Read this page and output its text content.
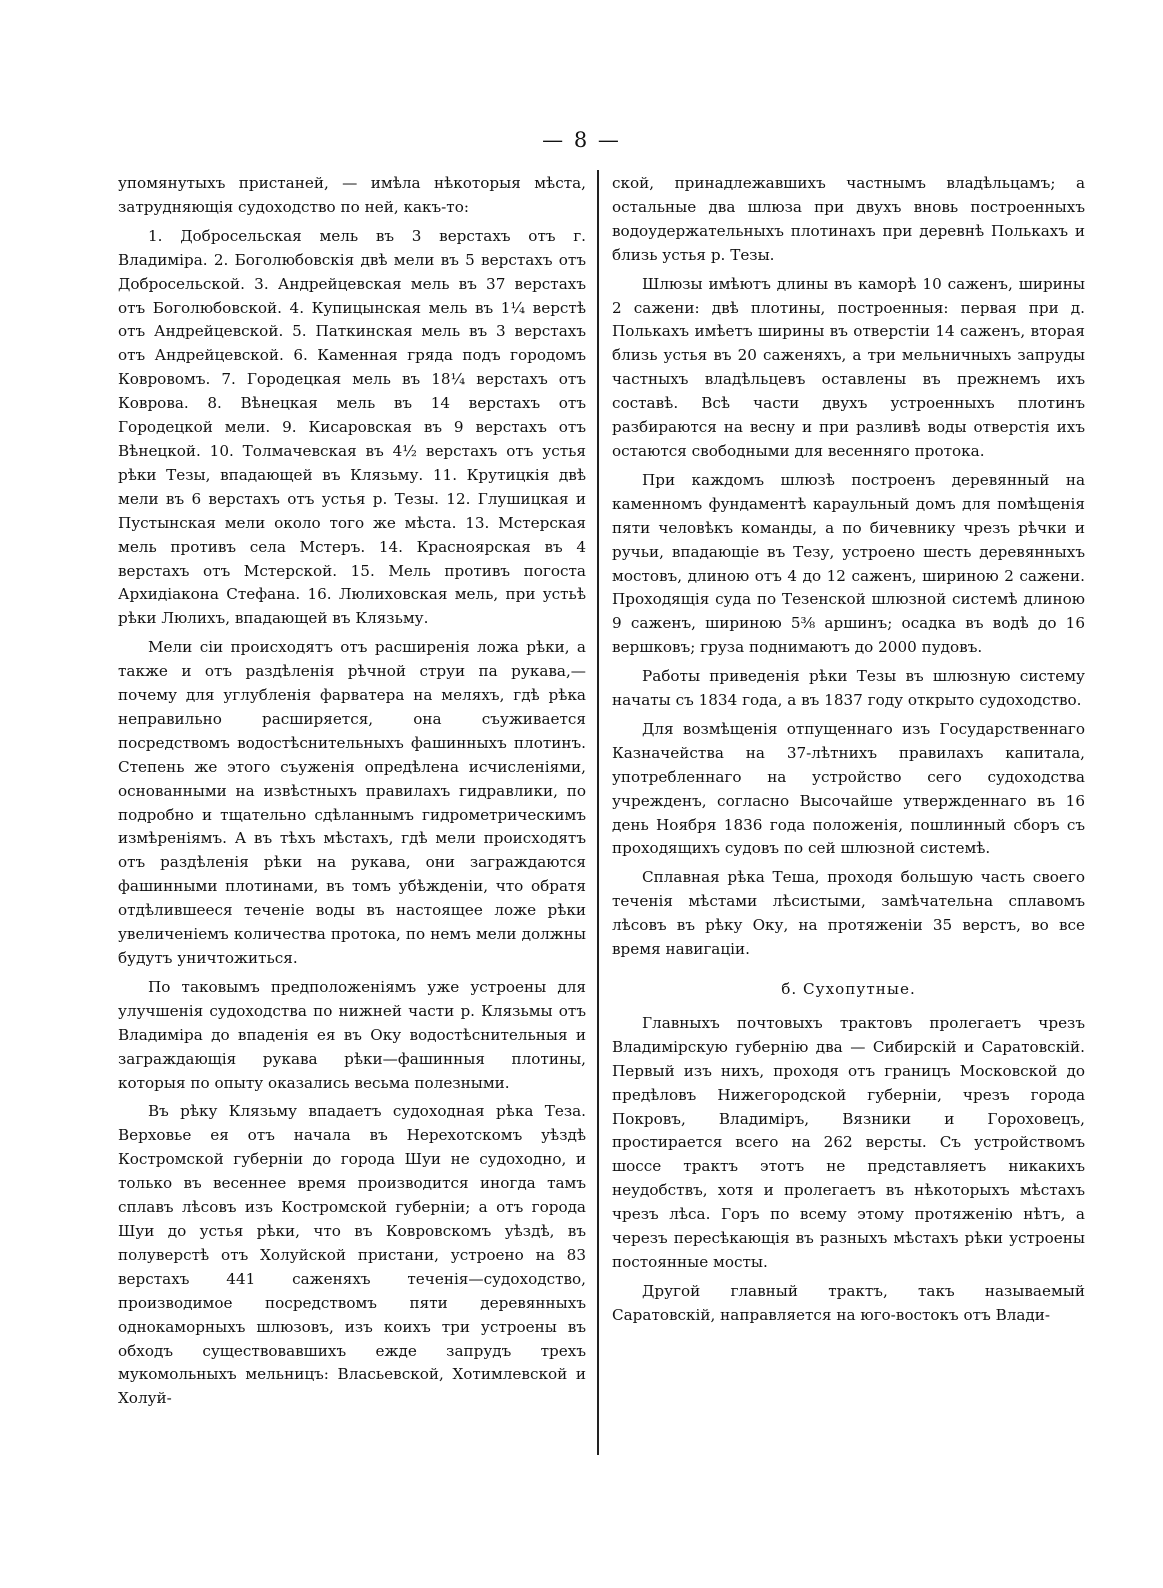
— 8 —

упомянутыхъ пристаней, — имѣла нѣкоторыя мѣста, затрудняющія судоходство по ней, какъ-то:

1. Добросельская мель въ 3 верстахъ отъ г. Владиміра. 2. Боголюбовскія двѣ мели въ 5 верстахъ отъ Добросельской. 3. Андрейцевская мель въ 37 верстахъ отъ Боголюбовской. 4. Купицынская мель въ 1¼ верстѣ отъ Андрейцевской. 5. Паткинская мель въ 3 верстахъ отъ Андрейцевской. 6. Каменная гряда подъ городомъ Ковровомъ. 7. Городецкая мель въ 18¼ верстахъ отъ Коврова. 8. Вѣнецкая мель въ 14 верстахъ отъ Городецкой мели. 9. Кисаровская въ 9 верстахъ отъ Вѣнецкой. 10. Толмачевская въ 4½ верстахъ отъ устья рѣки Тезы, впадающей въ Клязьму. 11. Крутицкія двѣ мели въ 6 верстахъ отъ устья р. Тезы. 12. Глушицкая и Пустынская мели около того же мѣста. 13. Мстерская мель противъ села Мстеръ. 14. Краснoярская въ 4 верстахъ отъ Мстерской. 15. Мель противъ погоста Архидіакона Стефана. 16. Люлиховская мель, при устьѣ рѣки Люлихъ, впадающей въ Клязьму.

Мели сіи происходятъ отъ расширенія ложа рѣки, а также и отъ раздѣленія рѣчной струи па рукава,— почему для углубленія фарватера на меляхъ, гдѣ рѣка неправильно расширяется, она съуживается посредствомъ водостѣснительныхъ фашинныхъ плотинъ. Степень же этого съуженія опредѣлена исчисленіями, основанными на извѣстныхъ правилахъ гидравлики, по подробно и тщательно сдѣланнымъ гидрометрическимъ измѣреніямъ. А въ тѣхъ мѣстахъ, гдѣ мели происходятъ отъ раздѣленія рѣки на рукава, они заграждаются фашинными плотинами, въ томъ убѣжденіи, что обратя отдѣлившееся теченіе воды въ настоящее ложе рѣки увеличеніемъ количества протока, по немъ мели должны будутъ уничтожиться.

По таковымъ предположеніямъ уже устроены для улучшенія судоходства по нижней части р. Клязьмы отъ Владиміра до впаденія ея въ Оку водостѣснительныя и заграждающія рукава рѣки—фашинныя плотины, которыя по опыту оказались весьма полезными.

Въ рѣку Клязьму впадаетъ судоходная рѣка Теза. Верховье ея отъ начала въ Нерехотскомъ уѣздѣ Костромской губерніи до города Шуи не судоходно, и только въ весеннее время производится иногда тамъ сплавъ лѣсовъ изъ Костромской губерніи; а отъ города Шуи до устья рѣки, что въ Ковровскомъ уѣздѣ, въ полуверстѣ отъ Холуйской пристани, устроено на 83 верстахъ 441 саженяхъ теченія—судоходство, производимое посредствомъ пяти деревянныхъ однокаморныхъ шлюзовъ, изъ коихъ три устроены въ обходъ существовавшихъ ежде запрудъ трехъ мукомольныхъ мельницъ: Власьевской, Хотимлевской и Холуй-

ской, принадлежавшихъ частнымъ владѣльцамъ; а остальные два шлюза при двухъ вновь построенныхъ водоудержательныхъ плотинахъ при деревнѣ Полькахъ и близь устья р. Тезы.

Шлюзы имѣютъ длины въ каморѣ 10 саженъ, ширины 2 сажени: двѣ плотины, построенныя: первая при д. Полькахъ имѣетъ ширины въ отверстіи 14 саженъ, вторая близь устья въ 20 саженяхъ, а три мельничныхъ запруды частныхъ владѣльцевъ оставлены въ прежнемъ ихъ составѣ. Всѣ части двухъ устроенныхъ плотинъ разбираются на весну и при разливѣ воды отверстія ихъ остаются свободными для весенняго протока.

При каждомъ шлюзѣ построенъ деревянный на каменномъ фундаментѣ караульный домъ для помѣщенія пяти человѣкъ команды, а по бичевнику чрезъ рѣчки и ручьи, впадающіе въ Тезу, устроено шесть деревянныхъ мостовъ, длиною отъ 4 до 12 саженъ, шириною 2 сажени. Проходящія суда по Тезенской шлюзной системѣ длиною 9 саженъ, шириною 5⅜ аршинъ; осадка въ водѣ до 16 вершковъ; груза поднимаютъ до 2000 пудовъ.

Работы приведенія рѣки Тезы въ шлюзную систему начаты съ 1834 года, а въ 1837 году открыто судоходство.

Для возмѣщенія отпущеннаго изъ Государственнаго Казначейства на 37-лѣтнихъ правилахъ капитала, употребленнаго на устройство сего судоходства учрежденъ, согласно Высочайше утвержденнаго въ 16 день Ноября 1836 года положенія, пошлинный сборъ съ проходящихъ судовъ по сей шлюзной системѣ.

Сплавная рѣка Теша, проходя большую часть своего теченія мѣстами лѣсистыми, замѣчательна сплавомъ лѣсовъ въ рѣку Оку, на протяженіи 35 верстъ, во все время навигаціи.

б. Сухопутные.

Главныхъ почтовыхъ трактовъ пролегаетъ чрезъ Владимірскую губернію два — Сибирскій и Саратовскій. Первый изъ нихъ, проходя отъ границъ Московской до предѣловъ Нижегородской губерніи, чрезъ города Покровъ, Владиміръ, Вязники и Гороховецъ, простирается всего на 262 версты. Съ устройствомъ шоссе трактъ этотъ не представляетъ никакихъ неудобствъ, хотя и пролегаетъ въ нѣкоторыхъ мѣстахъ чрезъ лѣса. Горъ по всему этому протяженію нѣтъ, а черезъ пересѣкающія въ разныхъ мѣстахъ рѣки устроены постоянные мосты.

Другой главный трактъ, такъ называемый Саратовскій, направляется на юго-востокъ отъ Влади-
